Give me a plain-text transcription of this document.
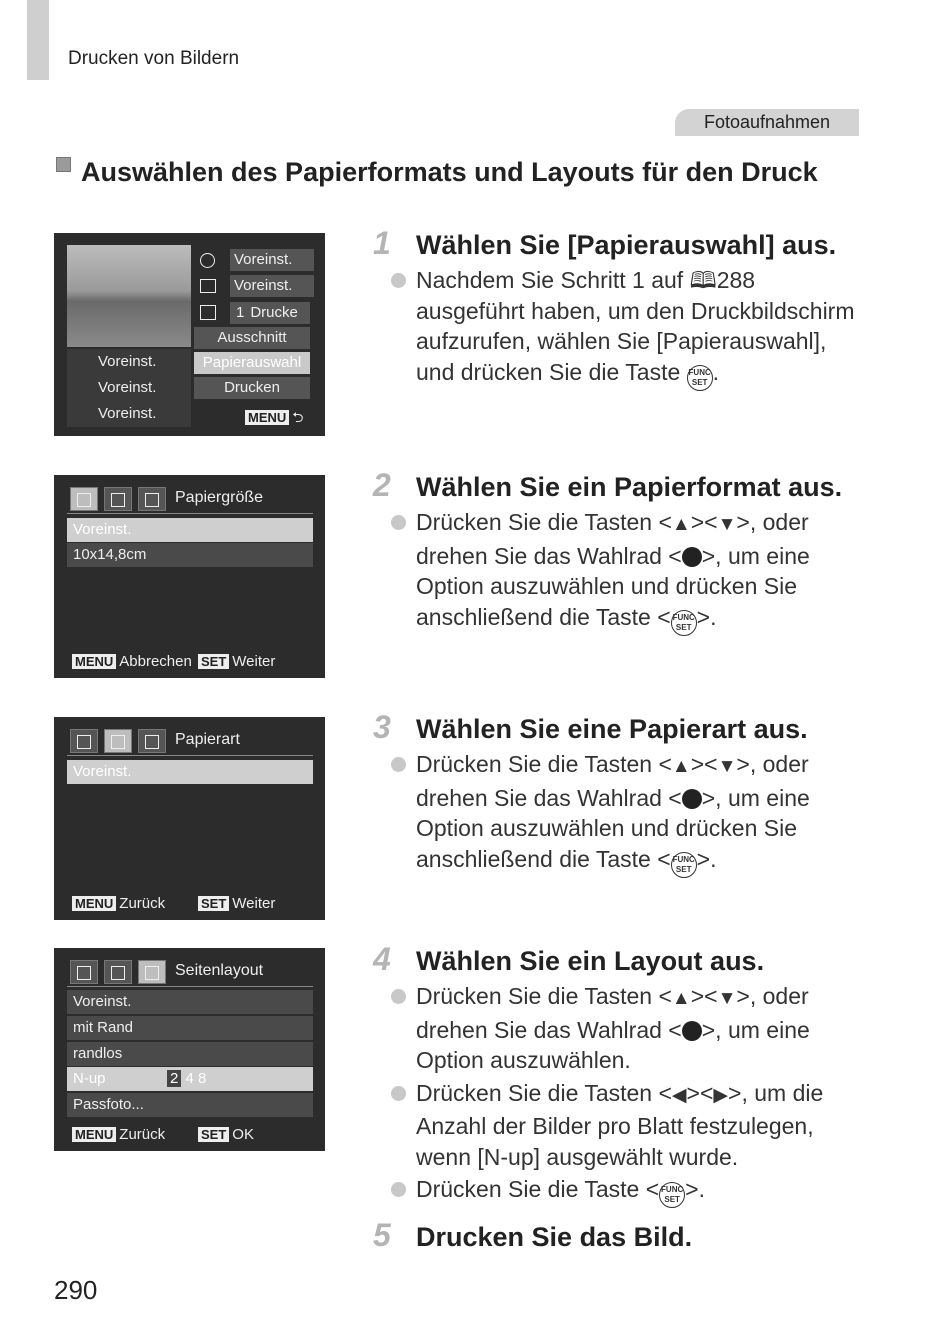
Drucken von Bildern
Fotoaufnahmen
Auswählen des Papierformats und Layouts für den Druck
Voreinst.
Voreinst.
Voreinst.
Voreinst.
Voreinst.
1 Drucke
Ausschnitt
Papierauswahl
Drucken
MENU ⮌
Papiergröße
Voreinst.
10x14,8cm
MENU Abbrechen SET Weiter
Papierart
Voreinst.
MENU Zurück	SET Weiter
Seitenlayout
Voreinst.
mit Rand
randlos
N-up	2 4 8
Passfoto...
MENU Zurück	SET OK
1 Wählen Sie [Papierauswahl] aus.
Nachdem Sie Schritt 1 auf 🕮288 ausgeführt haben, um den Druckbildschirm aufzurufen, wählen Sie [Papierauswahl], und drücken Sie die Taste FUNC
SET .
2 Wählen Sie ein Papierformat aus.
Drücken Sie die Tasten <▲><▼>, oder drehen Sie das Wahlrad < >, um eine Option auszuwählen und drücken Sie anschließend die Taste < FUNC
SET >.
3 Wählen Sie eine Papierart aus.
Drücken Sie die Tasten <▲><▼>, oder drehen Sie das Wahlrad < >, um eine Option auszuwählen und drücken Sie anschließend die Taste < FUNC
SET >.
4 Wählen Sie ein Layout aus.
Drücken Sie die Tasten <▲><▼>, oder drehen Sie das Wahlrad < >, um eine Option auszuwählen.
Drücken Sie die Tasten <◀><▶>, um die Anzahl der Bilder pro Blatt festzulegen, wenn [N-up] ausgewählt wurde.
Drücken Sie die Taste < FUNC
SET >.
5 Drucken Sie das Bild.
290
